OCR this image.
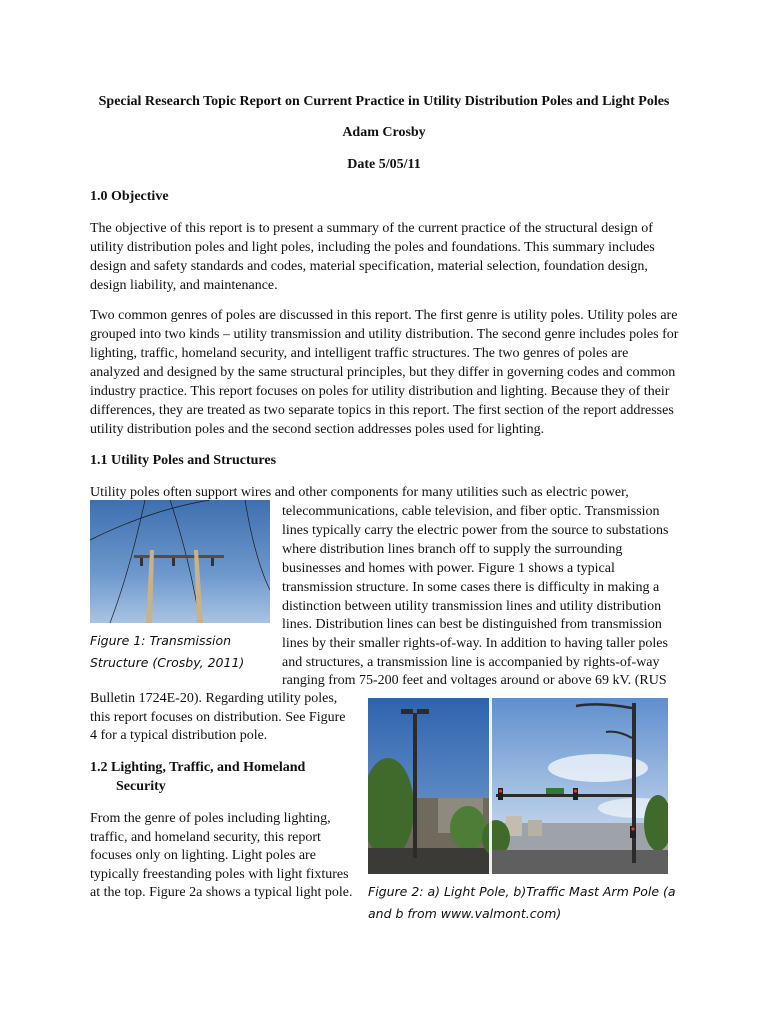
Special Research Topic Report on Current Practice in Utility Distribution Poles and Light Poles
Adam Crosby
Date 5/05/11
1.0 Objective
The objective of this report is to present a summary of the current practice of the structural design of utility distribution poles and light poles, including the poles and foundations. This summary includes design and safety standards and codes, material specification, material selection, foundation design, design liability, and maintenance.
Two common genres of poles are discussed in this report. The first genre is utility poles. Utility poles are grouped into two kinds – utility transmission and utility distribution. The second genre includes poles for lighting, traffic, homeland security, and intelligent traffic structures. The two genres of poles are analyzed and designed by the same structural principles, but they differ in governing codes and common industry practice. This report focuses on poles for utility distribution and lighting. Because they of their differences, they are treated as two separate topics in this report. The first section of the report addresses utility distribution poles and the second section addresses poles used for lighting.
1.1 Utility Poles and Structures
Utility poles often support wires and other components for many utilities such as electric power,
telecommunications, cable television, and fiber optic. Transmission
lines typically carry the electric power from the source to substations
where distribution lines branch off to supply the surrounding
businesses and homes with power. Figure 1 shows a typical
transmission structure. In some cases there is difficulty in making a
distinction between utility transmission lines and utility distribution
lines. Distribution lines can best be distinguished from transmission
lines by their smaller rights-of-way. In addition to having taller poles
and structures, a transmission line is accompanied by rights-of-way
ranging from 75-200 feet and voltages around or above 69 kV. (RUS
Figure 1: Transmission
Structure (Crosby, 2011)
Bulletin 1724E-20). Regarding utility poles,
this report focuses on distribution. See Figure
4 for a typical distribution pole.
1.2 Lighting, Traffic, and Homeland
Security
From the genre of poles including lighting,
traffic, and homeland security, this report
focuses only on lighting. Light poles are
typically freestanding poles with light fixtures
at the top. Figure 2a shows a typical light pole.	Figure 2: a) Light Pole, b)Traffic Mast Arm Pole (a
and b from www.valmont.com)
